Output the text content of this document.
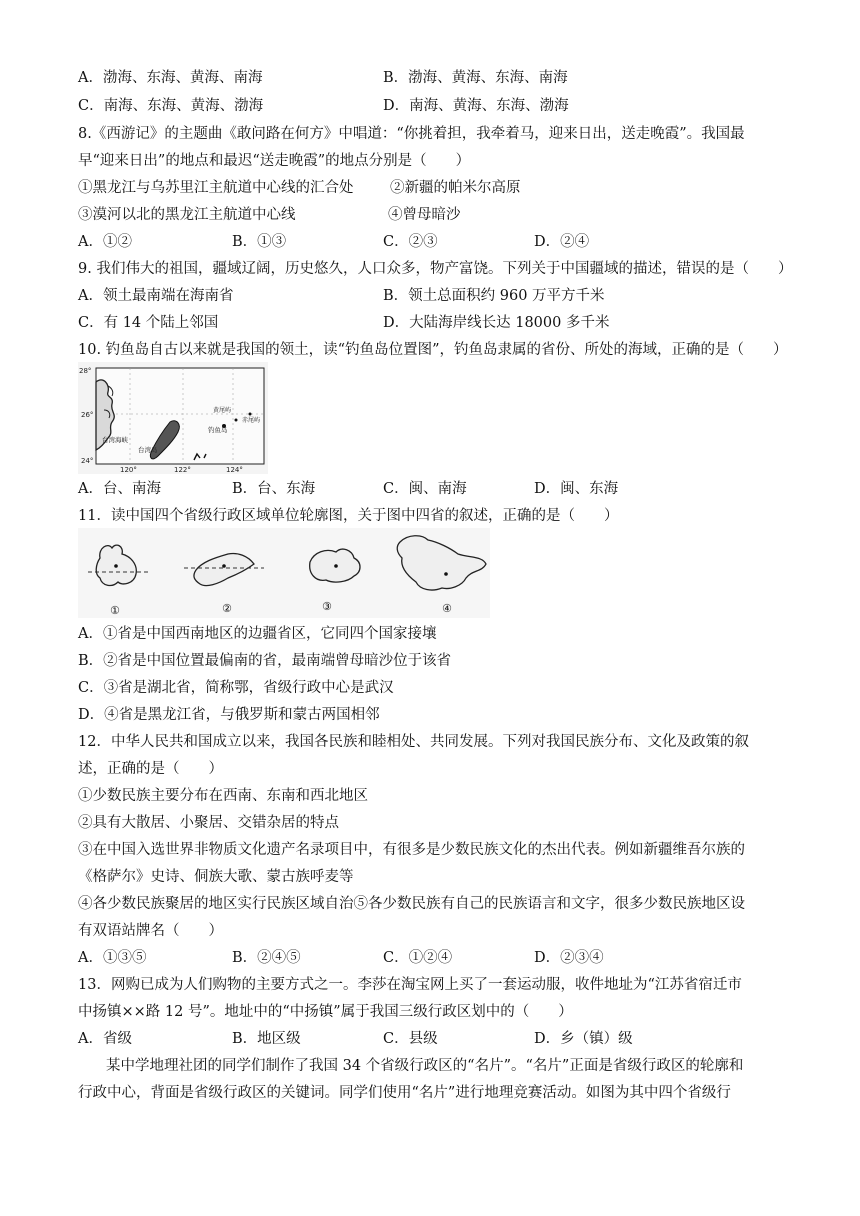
A．渤海、东海、黄海、南海	B．渤海、黄海、东海、南海
C．南海、东海、黄海、渤海	D．南海、黄海、东海、渤海
8.《西游记》的主题曲《敢问路在何方》中唱道：“你挑着担，我牵着马，迎来日出，送走晚霞”。我国最
早“迎来日出”的地点和最迟“送走晚霞”的地点分别是（　　）
①黑龙江与乌苏里江主航道中心线的汇合处	②新疆的帕米尔高原
③漠河以北的黑龙江主航道中心线	④曾母暗沙
A．①②	B．①③	C．②③	D．②④
9. 我们伟大的祖国，疆域辽阔，历史悠久，人口众多，物产富饶。下列关于中国疆域的描述，错误的是（　　）
A．领土最南端在海南省	B．领土总面积约 960 万平方千米
C．有 14 个陆上邻国	D．大陆海岸线长达 18000 多千米
10. 钓鱼岛自古以来就是我国的领土，读“钓鱼岛位置图”，钓鱼岛隶属的省份、所处的海域，正确的是（　　）
28°
26°
24°
120°	122°	124°
台湾海峡
台湾岛
钓鱼岛
黄尾屿
赤尾屿
A．台、南海	B．台、东海	C．闽、南海	D．闽、东海
11．读中国四个省级行政区域单位轮廓图，关于图中四省的叙述，正确的是（　　）
①	②	③	④
A．①省是中国西南地区的边疆省区，它同四个国家接壤
B．②省是中国位置最偏南的省，最南端曾母暗沙位于该省
C．③省是湖北省，简称鄂，省级行政中心是武汉
D．④省是黑龙江省，与俄罗斯和蒙古两国相邻
12．中华人民共和国成立以来，我国各民族和睦相处、共同发展。下列对我国民族分布、文化及政策的叙
述，正确的是（　　）
①少数民族主要分布在西南、东南和西北地区
②具有大散居、小聚居、交错杂居的特点
③在中国入选世界非物质文化遗产名录项目中，有很多是少数民族文化的杰出代表。例如新疆维吾尔族的
《格萨尔》史诗、侗族大歌、蒙古族呼麦等
④各少数民族聚居的地区实行民族区域自治⑤各少数民族有自己的民族语言和文字，很多少数民族地区设
有双语站牌名（　　）
A．①③⑤	B．②④⑤	C．①②④	D．②③④
13．网购已成为人们购物的主要方式之一。李莎在淘宝网上买了一套运动服，收件地址为“江苏省宿迁市
中扬镇××路 12 号”。地址中的“中扬镇”属于我国三级行政区划中的（　　）
A．省级	B．地区级	C．县级	D．乡（镇）级
某中学地理社团的同学们制作了我国 34 个省级行政区的“名片”。“名片”正面是省级行政区的轮廓和
行政中心，背面是省级行政区的关键词。同学们使用“名片”进行地理竞赛活动。如图为其中四个省级行
